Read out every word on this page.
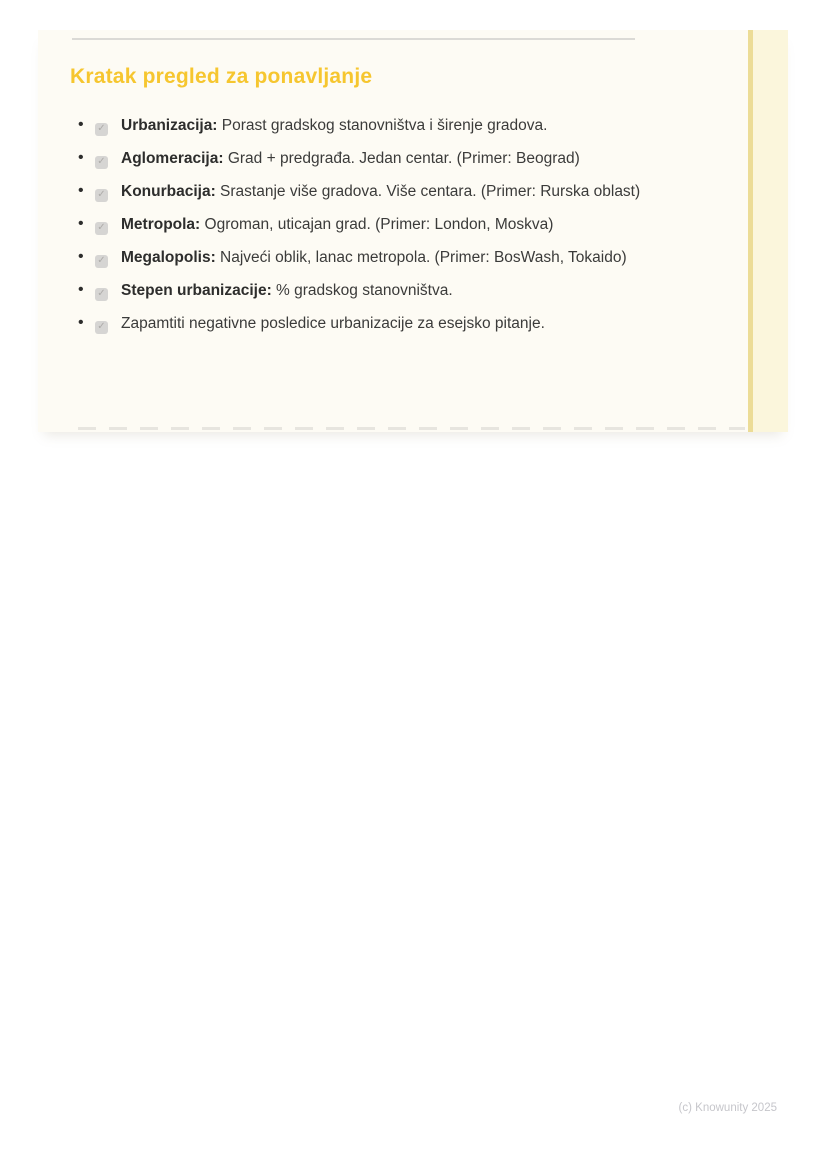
Kratak pregled za ponavljanje
• ✓ Urbanizacija: Porast gradskog stanovništva i širenje gradova.
• ✓ Aglomeracija: Grad + predgrađa. Jedan centar. (Primer: Beograd)
• ✓ Konurbacija: Srastanje više gradova. Više centara. (Primer: Rurska oblast)
• ✓ Metropola: Ogroman, uticajan grad. (Primer: London, Moskva)
• ✓ Megalopolis: Najveći oblik, lanac metropola. (Primer: BosWash, Tokaido)
• ✓ Stepen urbanizacije: % gradskog stanovništva.
• ✓ Zapamtiti negativne posledice urbanizacije za esejsko pitanje.
(c) Knowunity 2025
